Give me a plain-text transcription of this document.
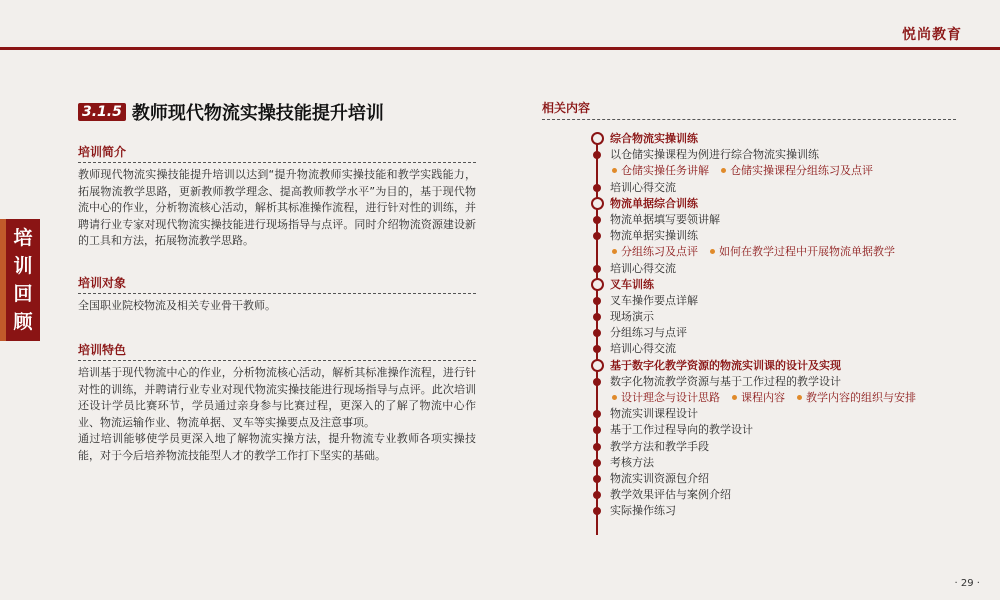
悦尚教育
培
训
回
顾
3.1.5 教师现代物流实操技能提升培训
培训简介

教师现代物流实操技能提升培训以达到“提升物流教师实操技能和教学实践能力，拓展物流教学思路，更新教师教学理念、提高教师教学水平”为目的，基于现代物流中心的作业，分析物流核心活动，解析其标准操作流程，进行针对性的训练，并聘请行业专家对现代物流实操技能进行现场指导与点评。同时介绍物流资源建设新的工具和方法，拓展物流教学思路。

培训对象

全国职业院校物流及相关专业骨干教师。

培训特色

培训基于现代物流中心的作业，分析物流核心活动，解析其标准操作流程，进行针对性的训练，并聘请行业专业对现代物流实操技能进行现场指导与点评。此次培训还设计学员比赛环节，学员通过亲身参与比赛过程，更深入的了解了物流中心作业、物流运输作业、物流单据、叉车等实操要点及注意事项。

通过培训能够使学员更深入地了解物流实操方法，提升物流专业教师各项实操技能，对于今后培养物流技能型人才的教学工作打下坚实的基础。

相关内容
综合物流实操训练
以仓储实操课程为例进行综合物流实操训练
仓储实操任务讲解 仓储实操课程分组练习及点评
培训心得交流
物流单据综合训练
物流单据填写要领讲解
物流单据实操训练
分组练习及点评 如何在教学过程中开展物流单据教学
培训心得交流
叉车训练
叉车操作要点详解
现场演示
分组练习与点评
培训心得交流
基于数字化教学资源的物流实训课的设计及实现
数字化物流教学资源与基于工作过程的教学设计
设计理念与设计思路 课程内容 教学内容的组织与安排
物流实训课程设计
基于工作过程导向的教学设计
教学方法和教学手段
考核方法
物流实训资源包介绍
教学效果评估与案例介绍
实际操作练习
· 29 ·
